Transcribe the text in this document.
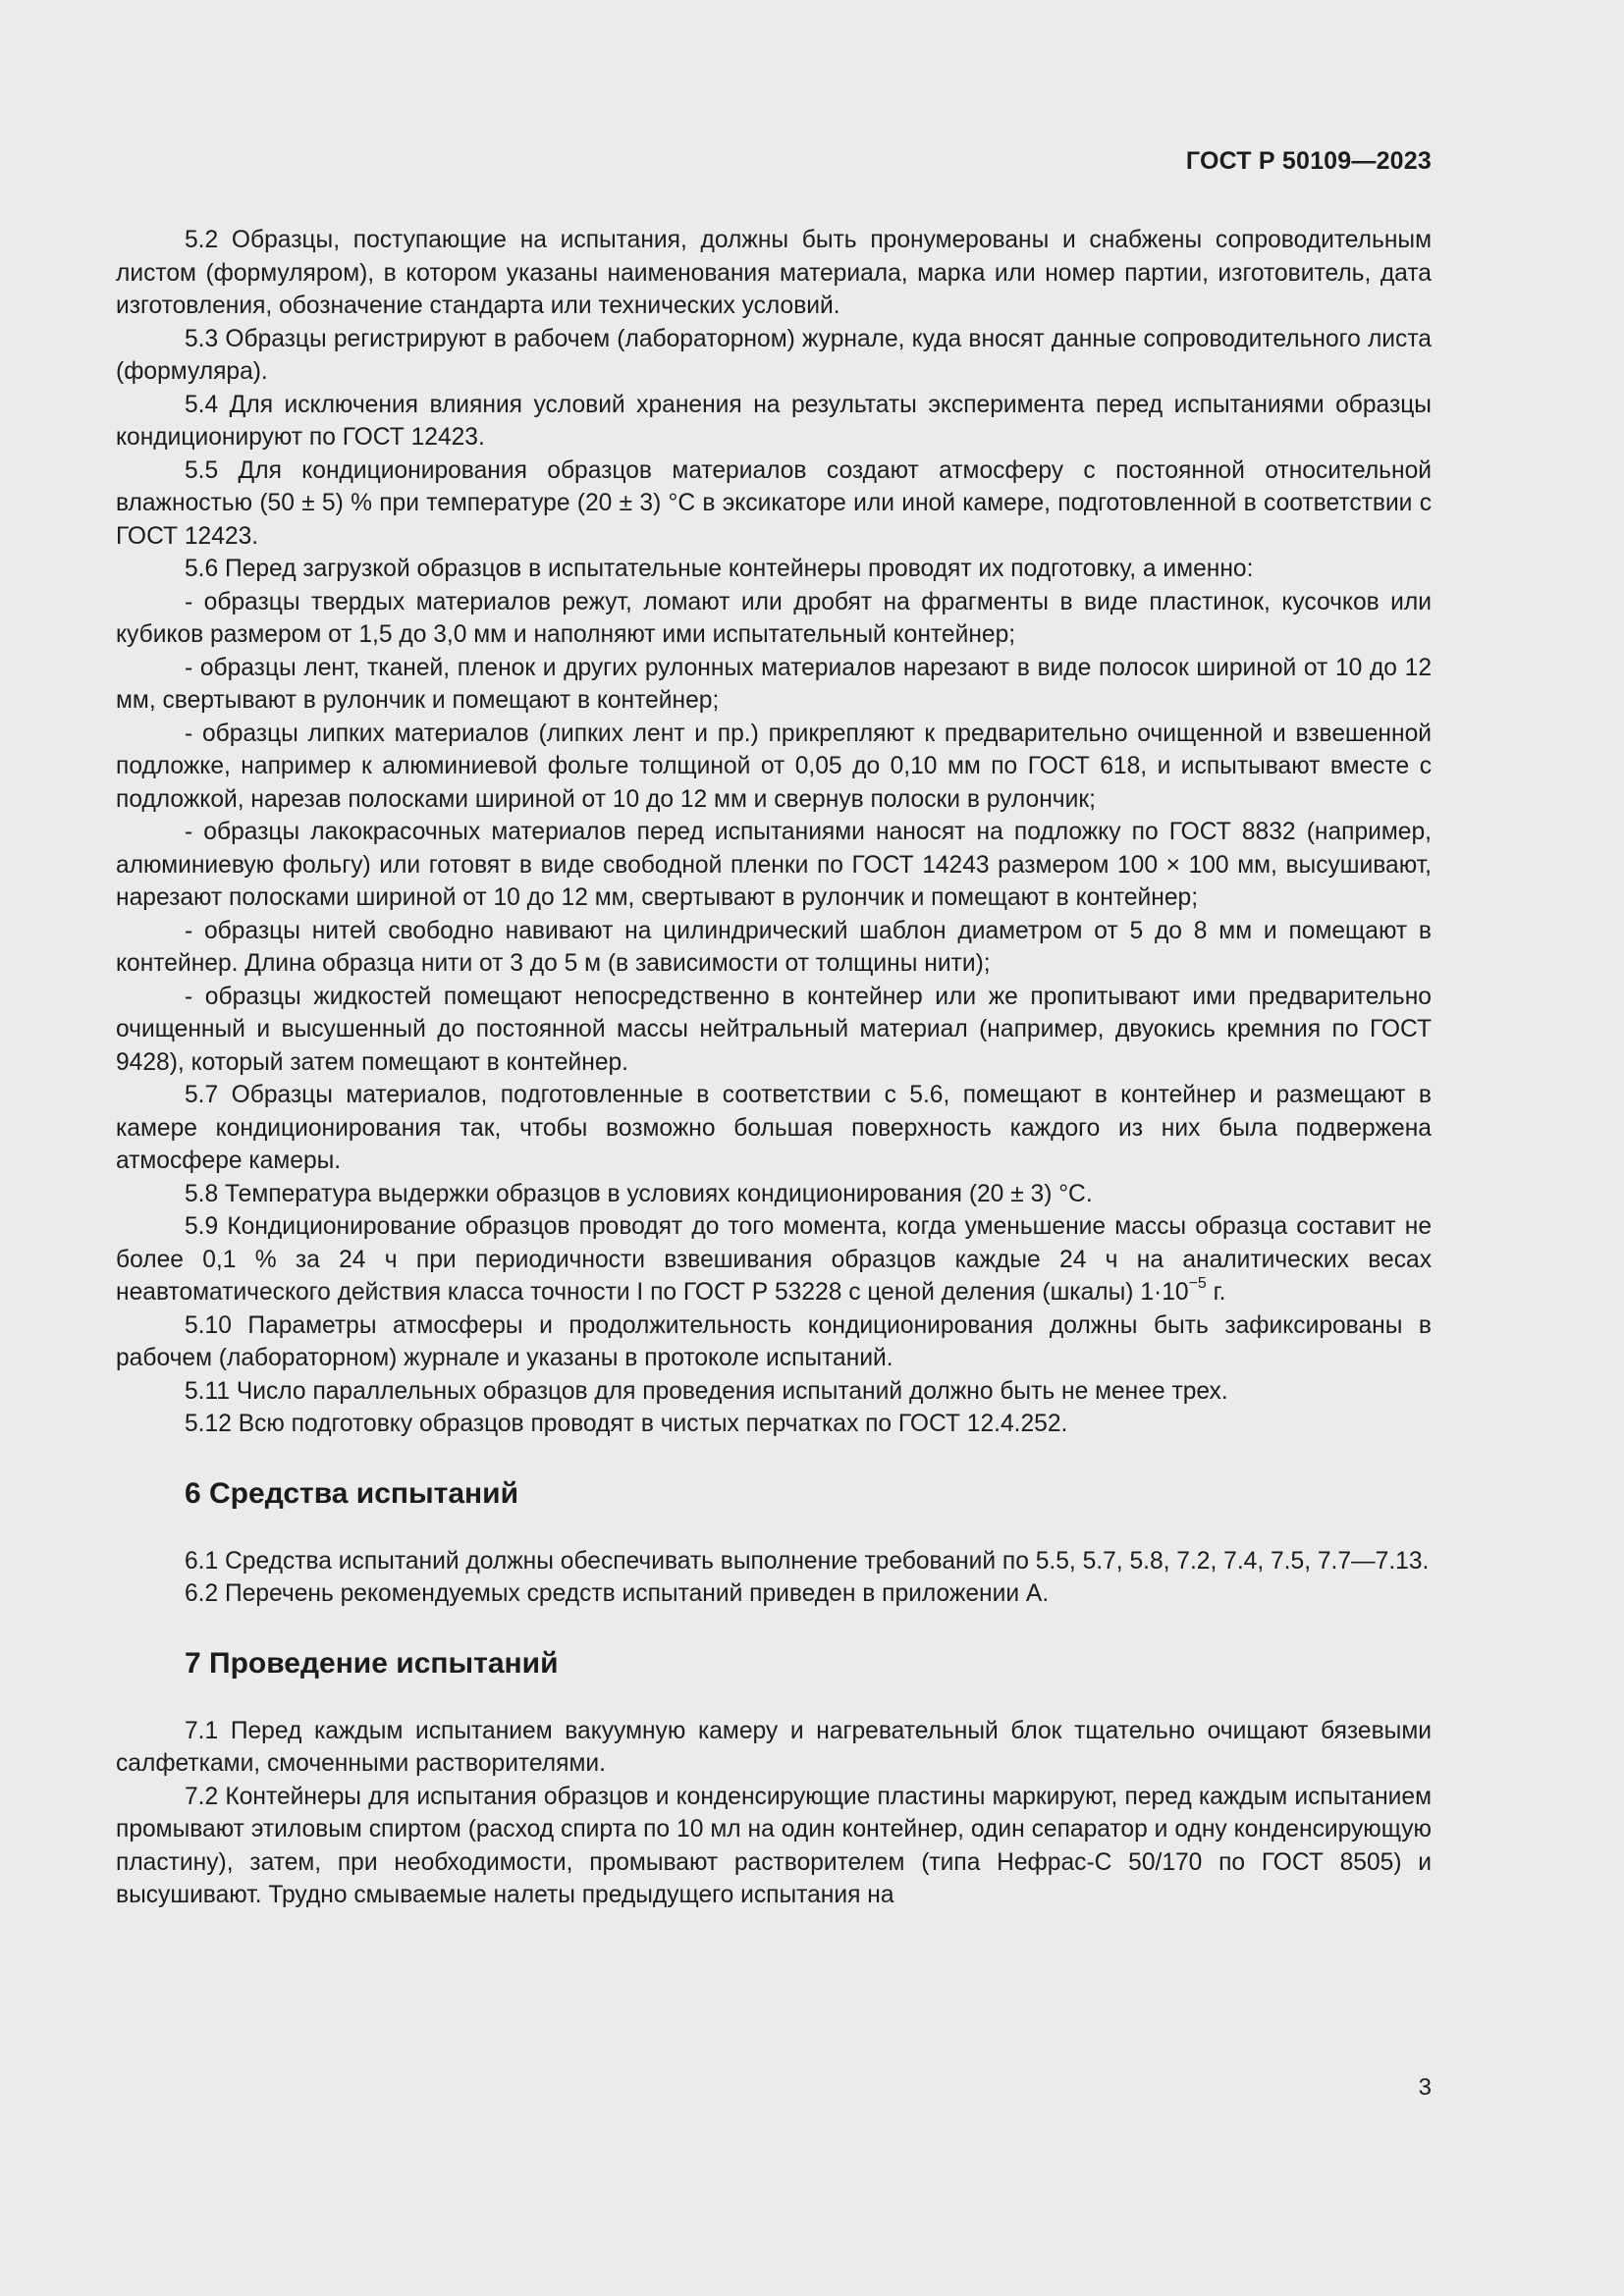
ГОСТ Р 50109—2023

5.2 Образцы, поступающие на испытания, должны быть пронумерованы и снабжены сопроводительным листом (формуляром), в котором указаны наименования материала, марка или номер партии, изготовитель, дата изготовления, обозначение стандарта или технических условий.

5.3 Образцы регистрируют в рабочем (лабораторном) журнале, куда вносят данные сопроводительного листа (формуляра).

5.4 Для исключения влияния условий хранения на результаты эксперимента перед испытаниями образцы кондиционируют по ГОСТ 12423.

5.5 Для кондиционирования образцов материалов создают атмосферу с постоянной относительной влажностью (50 ± 5) % при температуре (20 ± 3) °С в эксикаторе или иной камере, подготовленной в соответствии с ГОСТ 12423.

5.6 Перед загрузкой образцов в испытательные контейнеры проводят их подготовку, а именно:

- образцы твердых материалов режут, ломают или дробят на фрагменты в виде пластинок, кусочков или кубиков размером от 1,5 до 3,0 мм и наполняют ими испытательный контейнер;

- образцы лент, тканей, пленок и других рулонных материалов нарезают в виде полосок шириной от 10 до 12 мм, свертывают в рулончик и помещают в контейнер;

- образцы липких материалов (липких лент и пр.) прикрепляют к предварительно очищенной и взвешенной подложке, например к алюминиевой фольге толщиной от 0,05 до 0,10 мм по ГОСТ 618, и испытывают вместе с подложкой, нарезав полосками шириной от 10 до 12 мм и свернув полоски в рулончик;

- образцы лакокрасочных материалов перед испытаниями наносят на подложку по ГОСТ 8832 (например, алюминиевую фольгу) или готовят в виде свободной пленки по ГОСТ 14243 размером 100 × 100 мм, высушивают, нарезают полосками шириной от 10 до 12 мм, свертывают в рулончик и помещают в контейнер;

- образцы нитей свободно навивают на цилиндрический шаблон диаметром от 5 до 8 мм и помещают в контейнер. Длина образца нити от 3 до 5 м (в зависимости от толщины нити);

- образцы жидкостей помещают непосредственно в контейнер или же пропитывают ими предварительно очищенный и высушенный до постоянной массы нейтральный материал (например, двуокись кремния по ГОСТ 9428), который затем помещают в контейнер.

5.7 Образцы материалов, подготовленные в соответствии с 5.6, помещают в контейнер и размещают в камере кондиционирования так, чтобы возможно большая поверхность каждого из них была подвержена атмосфере камеры.

5.8 Температура выдержки образцов в условиях кондиционирования (20 ± 3) °С.

5.9 Кондиционирование образцов проводят до того момента, когда уменьшение массы образца составит не более 0,1 % за 24 ч при периодичности взвешивания образцов каждые 24 ч на аналитических весах неавтоматического действия класса точности I по ГОСТ Р 53228 с ценой деления (шкалы) $1\cdot 10^{-5}$ г.

5.10 Параметры атмосферы и продолжительность кондиционирования должны быть зафиксированы в рабочем (лабораторном) журнале и указаны в протоколе испытаний.

5.11 Число параллельных образцов для проведения испытаний должно быть не менее трех.

5.12 Всю подготовку образцов проводят в чистых перчатках по ГОСТ 12.4.252.

6 Средства испытаний

6.1 Средства испытаний должны обеспечивать выполнение требований по 5.5, 5.7, 5.8, 7.2, 7.4, 7.5, 7.7—7.13.

6.2 Перечень рекомендуемых средств испытаний приведен в приложении А.

7 Проведение испытаний

7.1 Перед каждым испытанием вакуумную камеру и нагревательный блок тщательно очищают бязевыми салфетками, смоченными растворителями.

7.2 Контейнеры для испытания образцов и конденсирующие пластины маркируют, перед каждым испытанием промывают этиловым спиртом (расход спирта по 10 мл на один контейнер, один сепаратор и одну конденсирующую пластину), затем, при необходимости, промывают растворителем (типа Нефрас-С 50/170 по ГОСТ 8505) и высушивают. Трудно смываемые налеты предыдущего испытания на

3
